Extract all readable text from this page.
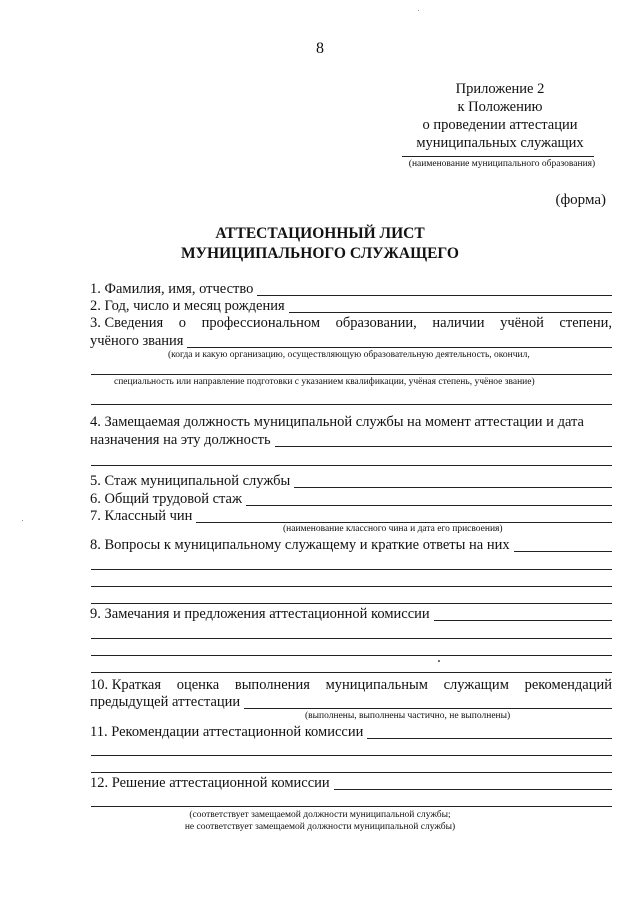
8
Приложение 2
к Положению
о проведении аттестации
муниципальных служащих
(наименование муниципального образования)
(форма)
АТТЕСТАЦИОННЫЙ ЛИСТ
МУНИЦИПАЛЬНОГО СЛУЖАЩЕГО
1. Фамилия, имя, отчество
2. Год, число и месяц рождения
3. Сведения о профессиональном образовании, наличии учёной степени,
учёного звания
(когда и какую организацию, осуществляющую образовательную деятельность, окончил,
специальность или направление подготовки с указанием квалификации, учёная степень, учёное звание)
4. Замещаемая должность муниципальной службы на момент аттестации и дата
назначения на эту должность
5. Стаж муниципальной службы
6. Общий трудовой стаж
7. Классный чин
(наименование классного чина и дата его присвоения)
8. Вопросы к муниципальному служащему и краткие ответы на них
9. Замечания и предложения аттестационной комиссии
10. Краткая оценка выполнения муниципальным служащим рекомендаций
предыдущей аттестации
(выполнены, выполнены частично, не выполнены)
11. Рекомендации аттестационной комиссии
12. Решение аттестационной комиссии
(соответствует замещаемой должности муниципальной службы;
не соответствует замещаемой должности муниципальной службы)
